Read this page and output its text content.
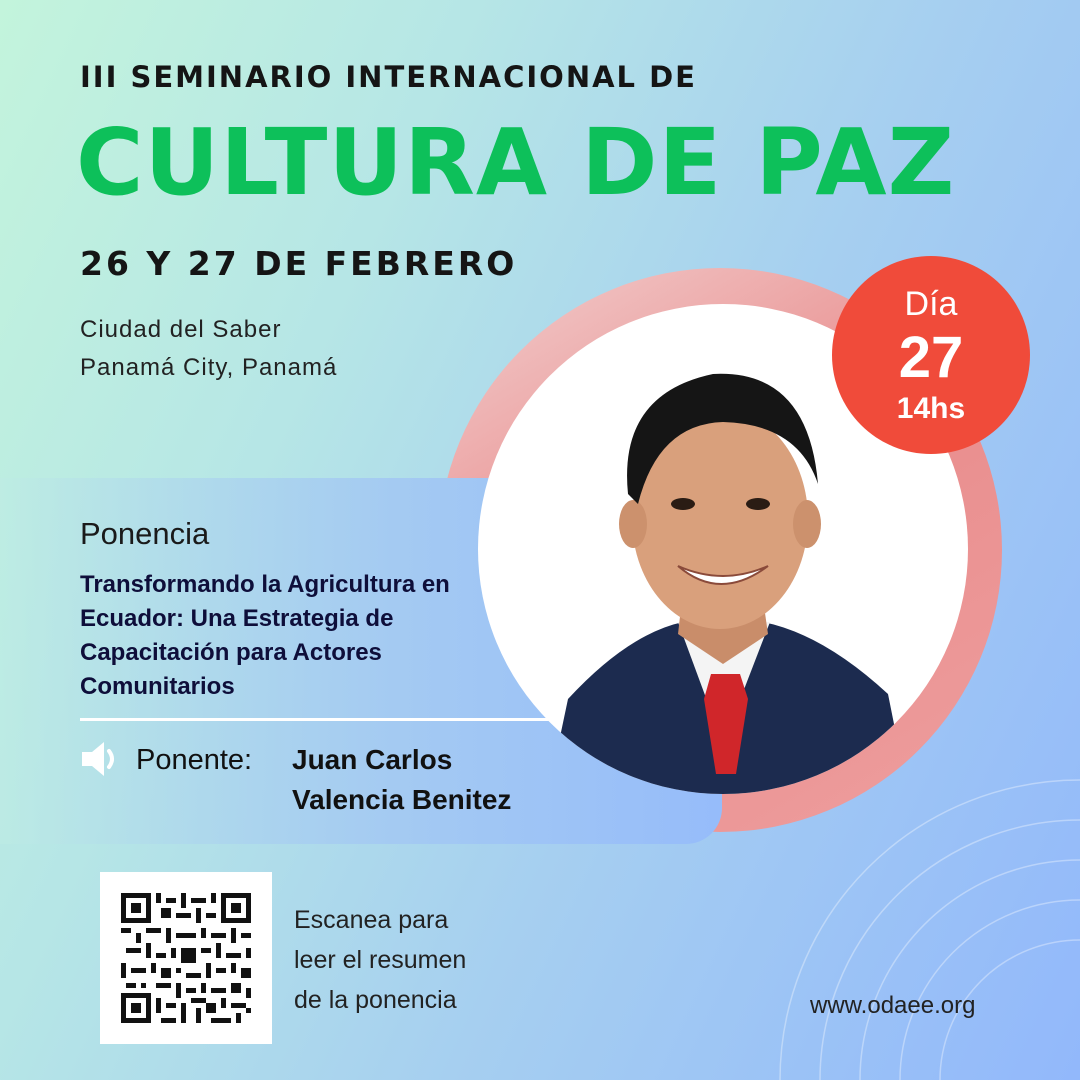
III SEMINARIO INTERNACIONAL DE
CULTURA DE PAZ
26 Y 27 DE FEBRERO
Ciudad del Saber
Panamá City, Panamá
Día
27
14hs
Ponencia
Transformando la Agricultura en Ecuador: Una Estrategia de Capacitación para Actores Comunitarios
Ponente: Juan Carlos
Valencia Benitez
Escanea para
leer el resumen
de la ponencia	www.odaee.org
